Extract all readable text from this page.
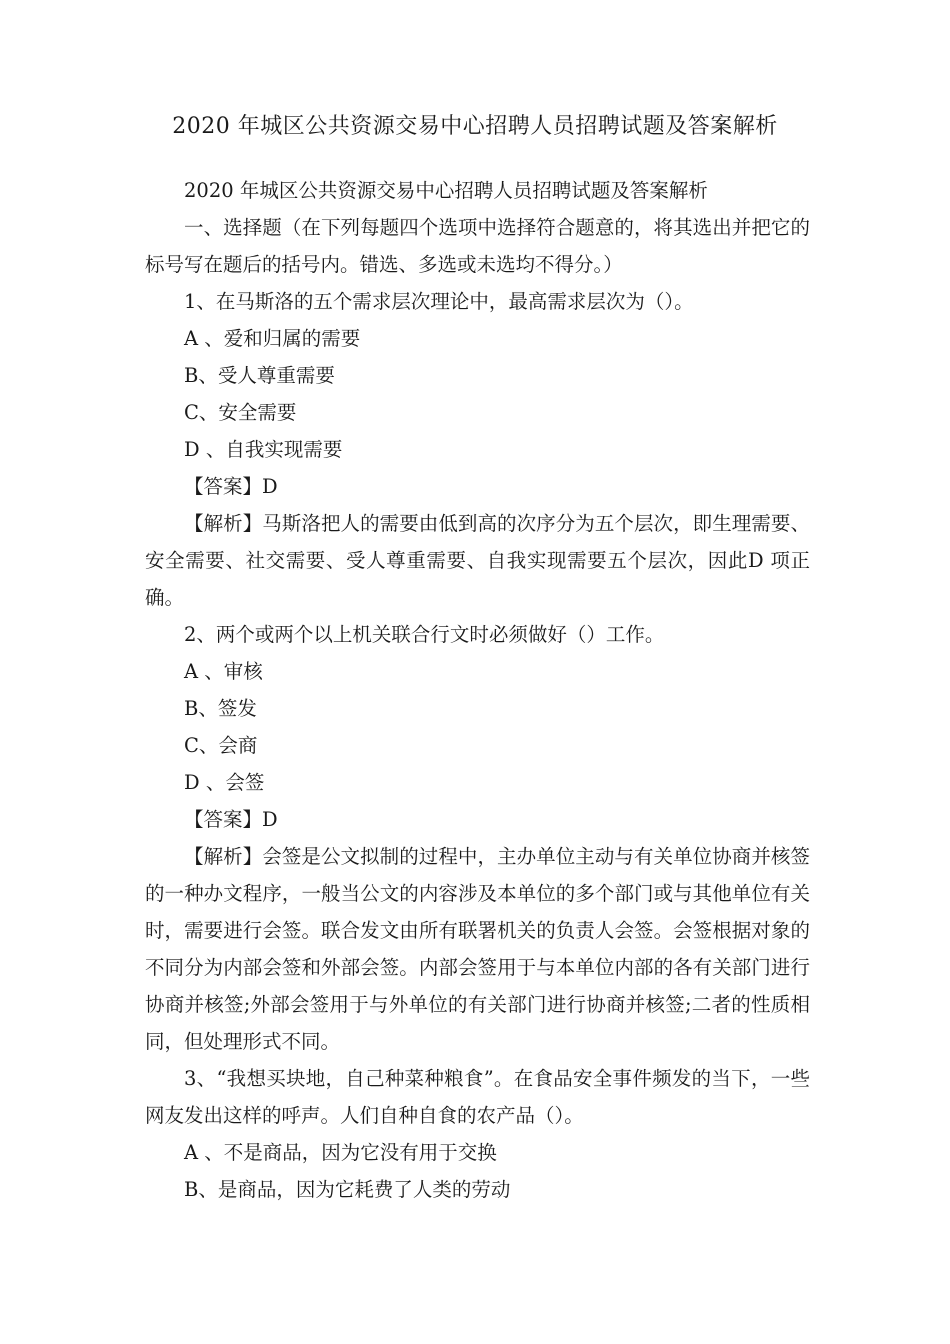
2020 年城区公共资源交易中心招聘人员招聘试题及答案解析

2020 年城区公共资源交易中心招聘人员招聘试题及答案解析

一、选择题（在下列每题四个选项中选择符合题意的，将其选出并把它的标号写在题后的括号内。错选、多选或未选均不得分。）

1、在马斯洛的五个需求层次理论中，最高需求层次为（）。

A 、爱和归属的需要

B、受人尊重需要

C、安全需要

D 、自我实现需要

【答案】D

【解析】马斯洛把人的需要由低到高的次序分为五个层次，即生理需要、安全需要、社交需要、受人尊重需要、自我实现需要五个层次，因此D 项正确。

2、两个或两个以上机关联合行文时必须做好（）工作。

A 、审核

B、签发

C、会商

D 、会签

【答案】D

【解析】会签是公文拟制的过程中，主办单位主动与有关单位协商并核签的一种办文程序，一般当公文的内容涉及本单位的多个部门或与其他单位有关时，需要进行会签。联合发文由所有联署机关的负责人会签。会签根据对象的不同分为内部会签和外部会签。内部会签用于与本单位内部的各有关部门进行协商并核签;外部会签用于与外单位的有关部门进行协商并核签;二者的性质相同，但处理形式不同。

3、“我想买块地，自己种菜种粮食”。在食品安全事件频发的当下，一些网友发出这样的呼声。人们自种自食的农产品（）。

A 、不是商品，因为它没有用于交换

B、是商品，因为它耗费了人类的劳动
